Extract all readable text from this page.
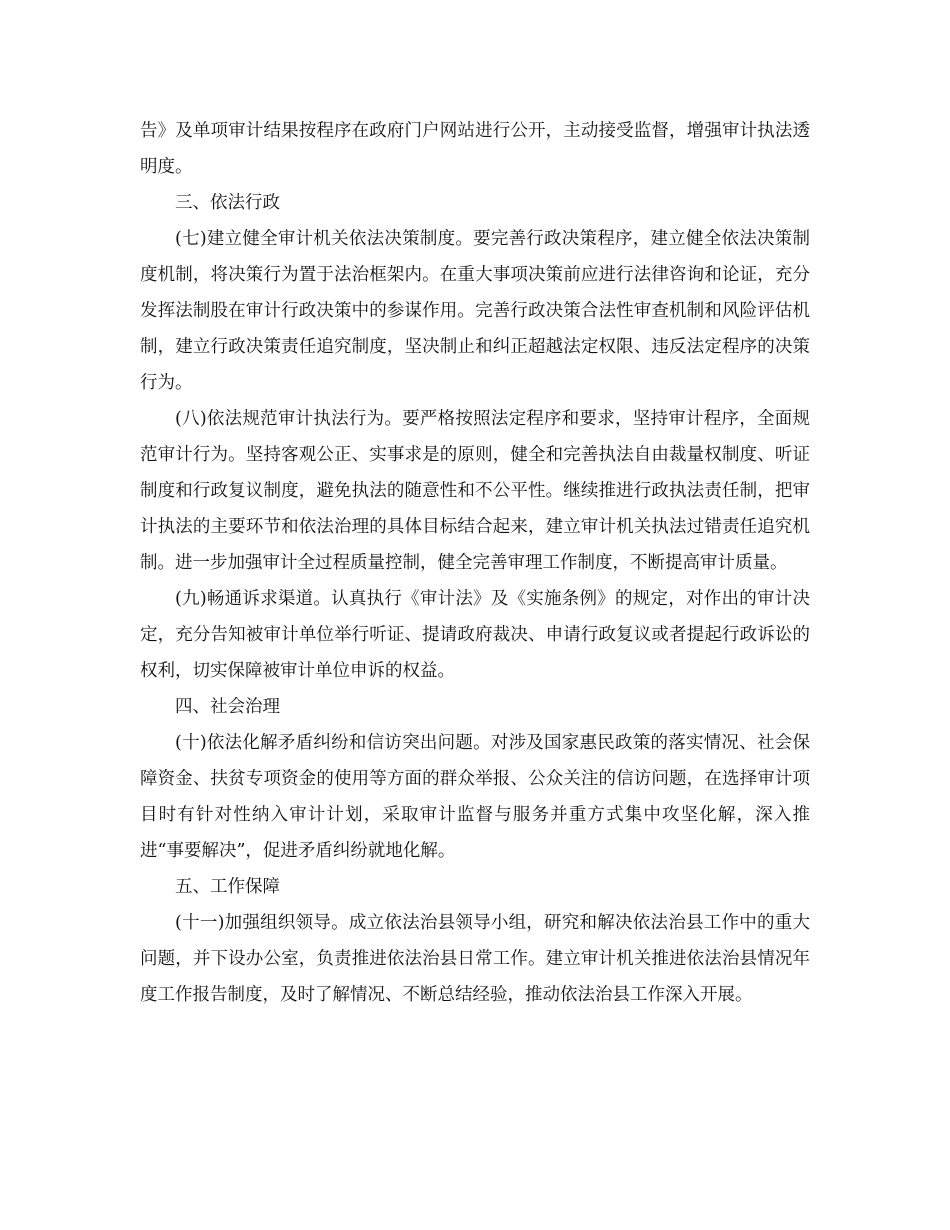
告》及单项审计结果按程序在政府门户网站进行公开，主动接受监督，增强审计执法透明度。

三、依法行政

(七)建立健全审计机关依法决策制度。要完善行政决策程序，建立健全依法决策制度机制，将决策行为置于法治框架内。在重大事项决策前应进行法律咨询和论证，充分发挥法制股在审计行政决策中的参谋作用。完善行政决策合法性审查机制和风险评估机制，建立行政决策责任追究制度，坚决制止和纠正超越法定权限、违反法定程序的决策行为。

(八)依法规范审计执法行为。要严格按照法定程序和要求，坚持审计程序，全面规范审计行为。坚持客观公正、实事求是的原则，健全和完善执法自由裁量权制度、听证制度和行政复议制度，避免执法的随意性和不公平性。继续推进行政执法责任制，把审计执法的主要环节和依法治理的具体目标结合起来，建立审计机关执法过错责任追究机制。进一步加强审计全过程质量控制，健全完善审理工作制度，不断提高审计质量。

(九)畅通诉求渠道。认真执行《审计法》及《实施条例》的规定，对作出的审计决定，充分告知被审计单位举行听证、提请政府裁决、申请行政复议或者提起行政诉讼的权利，切实保障被审计单位申诉的权益。

四、社会治理

(十)依法化解矛盾纠纷和信访突出问题。对涉及国家惠民政策的落实情况、社会保障资金、扶贫专项资金的使用等方面的群众举报、公众关注的信访问题，在选择审计项目时有针对性纳入审计计划，采取审计监督与服务并重方式集中攻坚化解，深入推进“事要解决”，促进矛盾纠纷就地化解。

五、工作保障

(十一)加强组织领导。成立依法治县领导小组，研究和解决依法治县工作中的重大问题，并下设办公室，负责推进依法治县日常工作。建立审计机关推进依法治县情况年度工作报告制度，及时了解情况、不断总结经验，推动依法治县工作深入开展。
